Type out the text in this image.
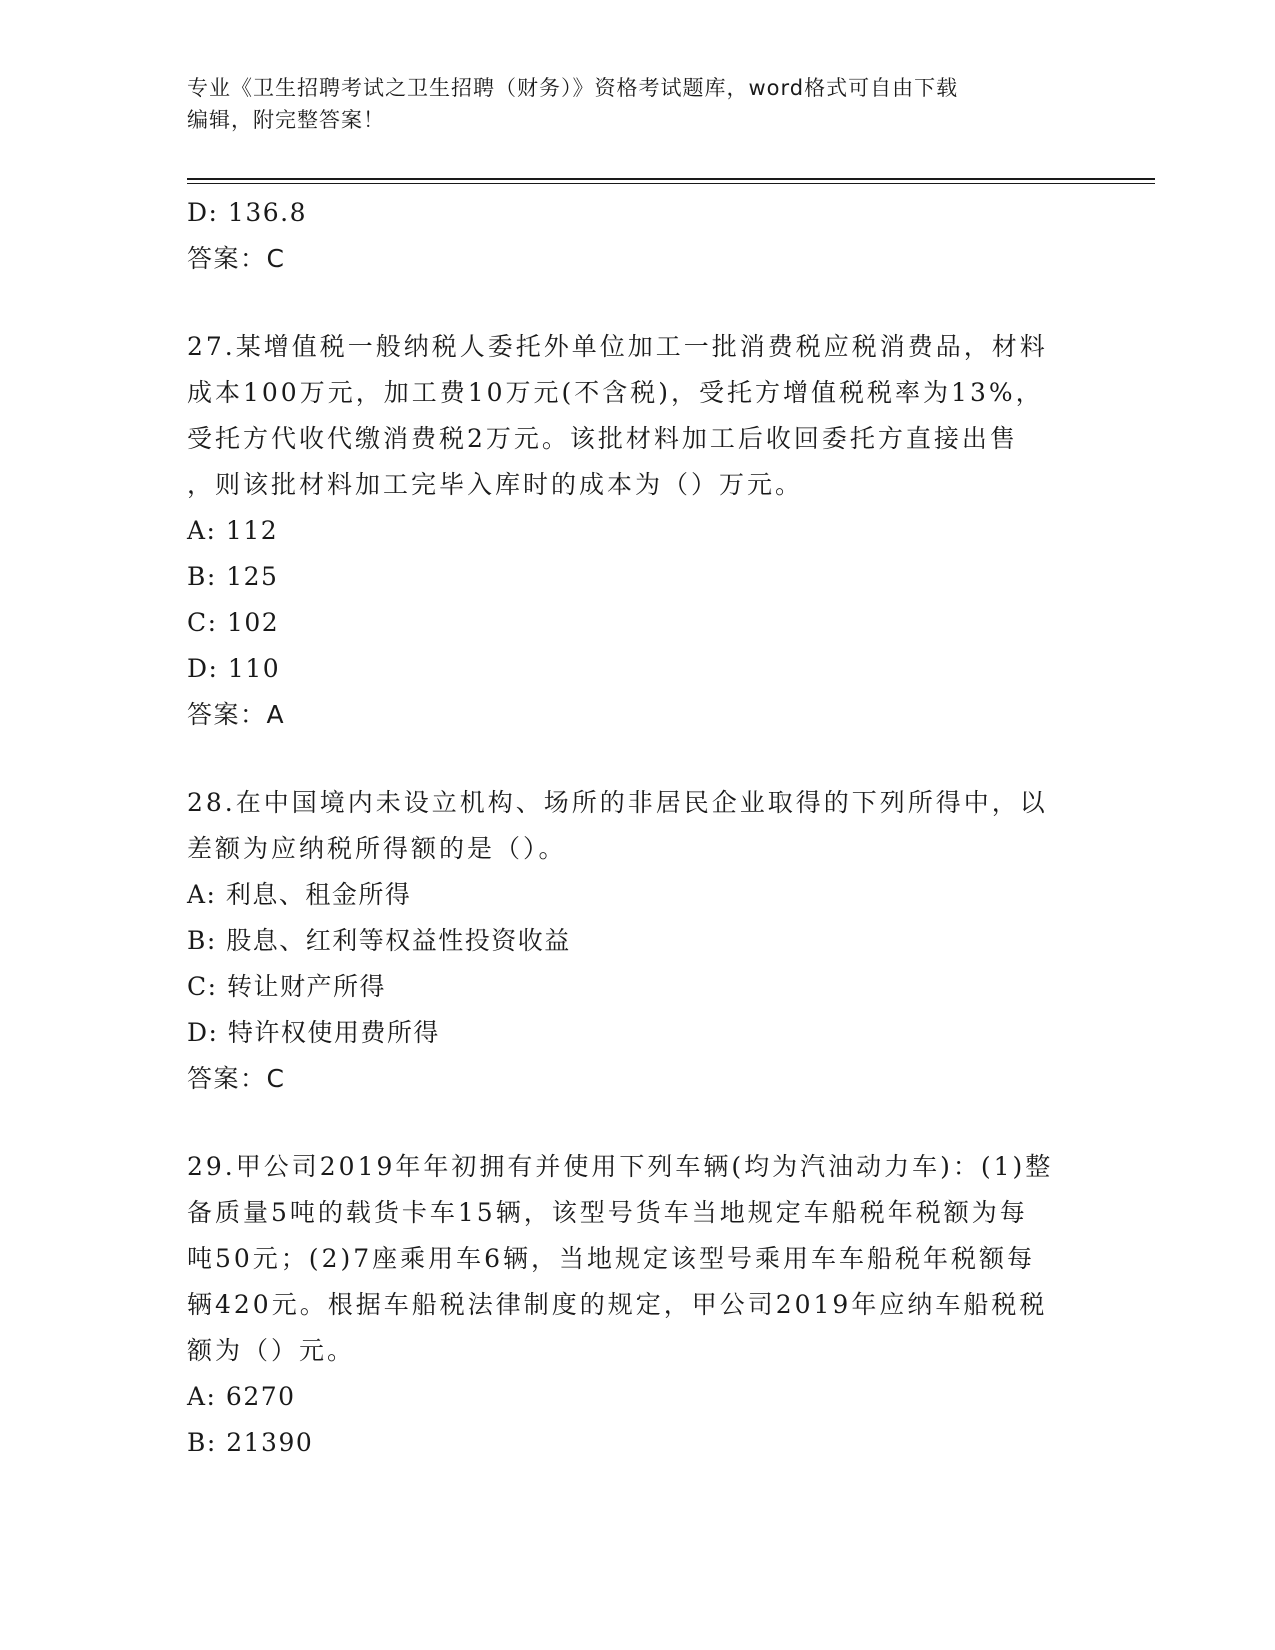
专业《卫生招聘考试之卫生招聘（财务）》资格考试题库，word格式可自由下载
编辑，附完整答案！
D: 136.8
答案：C
27.某增值税一般纳税人委托外单位加工一批消费税应税消费品，材料
成本100万元，加工费10万元(不含税)，受托方增值税税率为13%，
受托方代收代缴消费税2万元。该批材料加工后收回委托方直接出售
，则该批材料加工完毕入库时的成本为（）万元。
A: 112
B: 125
C: 102
D: 110
答案：A
28.在中国境内未设立机构、场所的非居民企业取得的下列所得中，以
差额为应纳税所得额的是（）。
A: 利息、租金所得
B: 股息、红利等权益性投资收益
C: 转让财产所得
D: 特许权使用费所得
答案：C
29.甲公司2019年年初拥有并使用下列车辆(均为汽油动力车)：(1)整
备质量5吨的载货卡车15辆，该型号货车当地规定车船税年税额为每
吨50元；(2)7座乘用车6辆，当地规定该型号乘用车车船税年税额每
辆420元。根据车船税法律制度的规定，甲公司2019年应纳车船税税
额为（）元。
A: 6270
B: 21390
